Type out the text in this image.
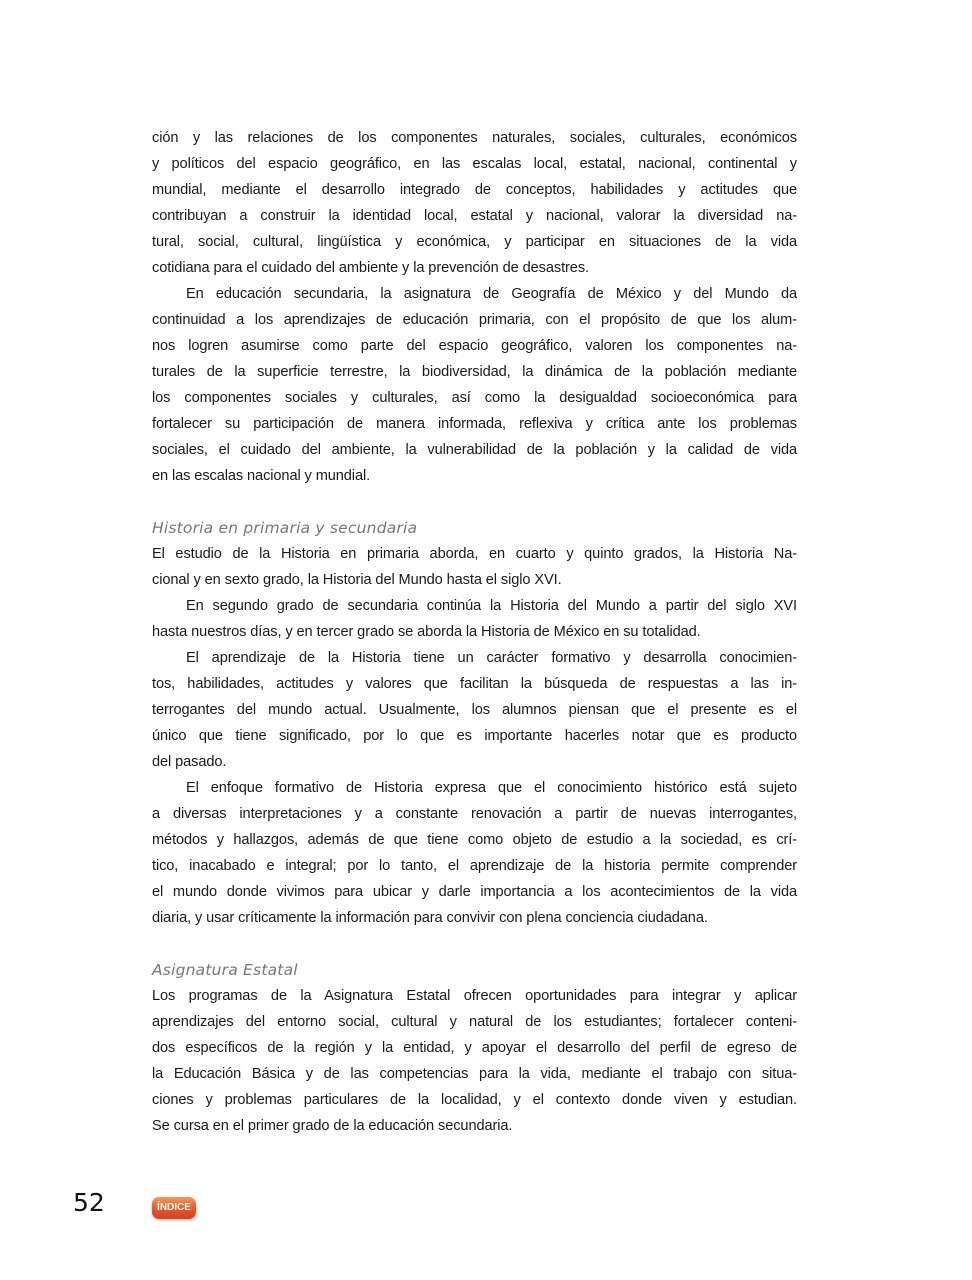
ción y las relaciones de los componentes naturales, sociales, culturales, económicos
y políticos del espacio geográfico, en las escalas local, estatal, nacional, continental y
mundial, mediante el desarrollo integrado de conceptos, habilidades y actitudes que
contribuyan a construir la identidad local, estatal y nacional, valorar la diversidad na-
tural, social, cultural, lingüística y económica, y participar en situaciones de la vida
cotidiana para el cuidado del ambiente y la prevención de desastres.
En educación secundaria, la asignatura de Geografía de México y del Mundo da
continuidad a los aprendizajes de educación primaria, con el propósito de que los alum-
nos logren asumirse como parte del espacio geográfico, valoren los componentes na-
turales de la superficie terrestre, la biodiversidad, la dinámica de la población mediante
los componentes sociales y culturales, así como la desigualdad socioeconómica para
fortalecer su participación de manera informada, reflexiva y crítica ante los problemas
sociales, el cuidado del ambiente, la vulnerabilidad de la población y la calidad de vida
en las escalas nacional y mundial.
Historia en primaria y secundaria
El estudio de la Historia en primaria aborda, en cuarto y quinto grados, la Historia Na-
cional y en sexto grado, la Historia del Mundo hasta el siglo XVI.
En segundo grado de secundaria continúa la Historia del Mundo a partir del siglo XVI
hasta nuestros días, y en tercer grado se aborda la Historia de México en su totalidad.
El aprendizaje de la Historia tiene un carácter formativo y desarrolla conocimien-
tos, habilidades, actitudes y valores que facilitan la búsqueda de respuestas a las in-
terrogantes del mundo actual. Usualmente, los alumnos piensan que el presente es el
único que tiene significado, por lo que es importante hacerles notar que es producto
del pasado.
El enfoque formativo de Historia expresa que el conocimiento histórico está sujeto
a diversas interpretaciones y a constante renovación a partir de nuevas interrogantes,
métodos y hallazgos, además de que tiene como objeto de estudio a la sociedad, es crí-
tico, inacabado e integral; por lo tanto, el aprendizaje de la historia permite comprender
el mundo donde vivimos para ubicar y darle importancia a los acontecimientos de la vida
diaria, y usar críticamente la información para convivir con plena conciencia ciudadana.
Asignatura Estatal
Los programas de la Asignatura Estatal ofrecen oportunidades para integrar y aplicar
aprendizajes del entorno social, cultural y natural de los estudiantes; fortalecer conteni-
dos específicos de la región y la entidad, y apoyar el desarrollo del perfil de egreso de
la Educación Básica y de las competencias para la vida, mediante el trabajo con situa-
ciones y problemas particulares de la localidad, y el contexto donde viven y estudian.
Se cursa en el primer grado de la educación secundaria.
52	ÍNDICE
